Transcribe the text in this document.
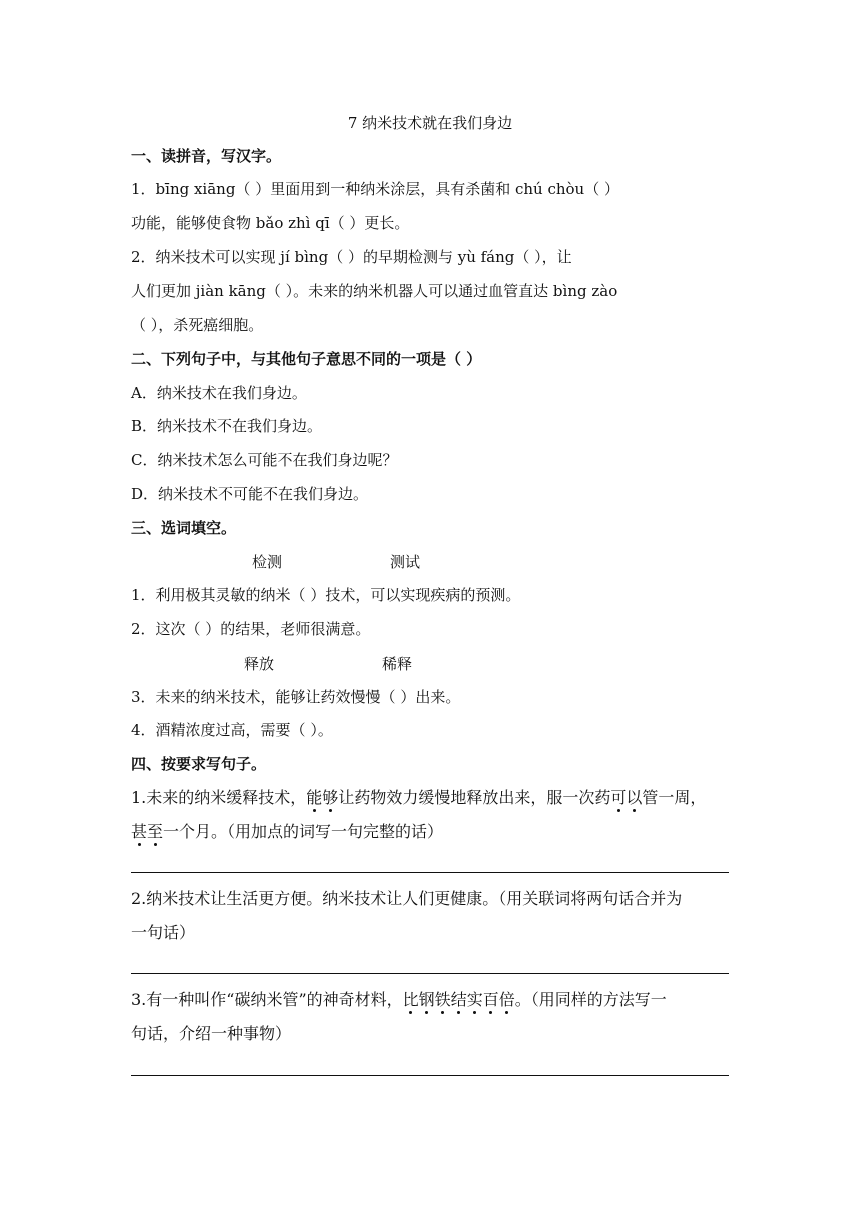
7 纳米技术就在我们身边
一、读拼音，写汉字。
1．bīng xiāng（ ）里面用到一种纳米涂层，具有杀菌和 chú chòu（ ）
功能，能够使食物 bǎo zhì qī（ ）更长。
2．纳米技术可以实现 jí bìng（ ）的早期检测与 yù fáng（ ），让
人们更加 jiàn kāng（ ）。未来的纳米机器人可以通过血管直达 bìng zào
（ ），杀死癌细胞。
二、下列句子中，与其他句子意思不同的一项是（ ）
A．纳米技术在我们身边。
B．纳米技术不在我们身边。
C．纳米技术怎么可能不在我们身边呢？
D．纳米技术不可能不在我们身边。
三、选词填空。
检测	测试
1．利用极其灵敏的纳米（ ）技术，可以实现疾病的预测。
2．这次（ ）的结果，老师很满意。
释放	稀释
3．未来的纳米技术，能够让药效慢慢（ ）出来。
4．酒精浓度过高，需要（ ）。
四、按要求写句子。
1.未来的纳米缓释技术，能够让药物效力缓慢地释放出来，服一次药可以管一周，
甚至一个月。（用加点的词写一句完整的话）
2.纳米技术让生活更方便。纳米技术让人们更健康。（用关联词将两句话合并为
一句话）
3.有一种叫作“碳纳米管”的神奇材料，比钢铁结实百倍。（用同样的方法写一
句话，介绍一种事物）
